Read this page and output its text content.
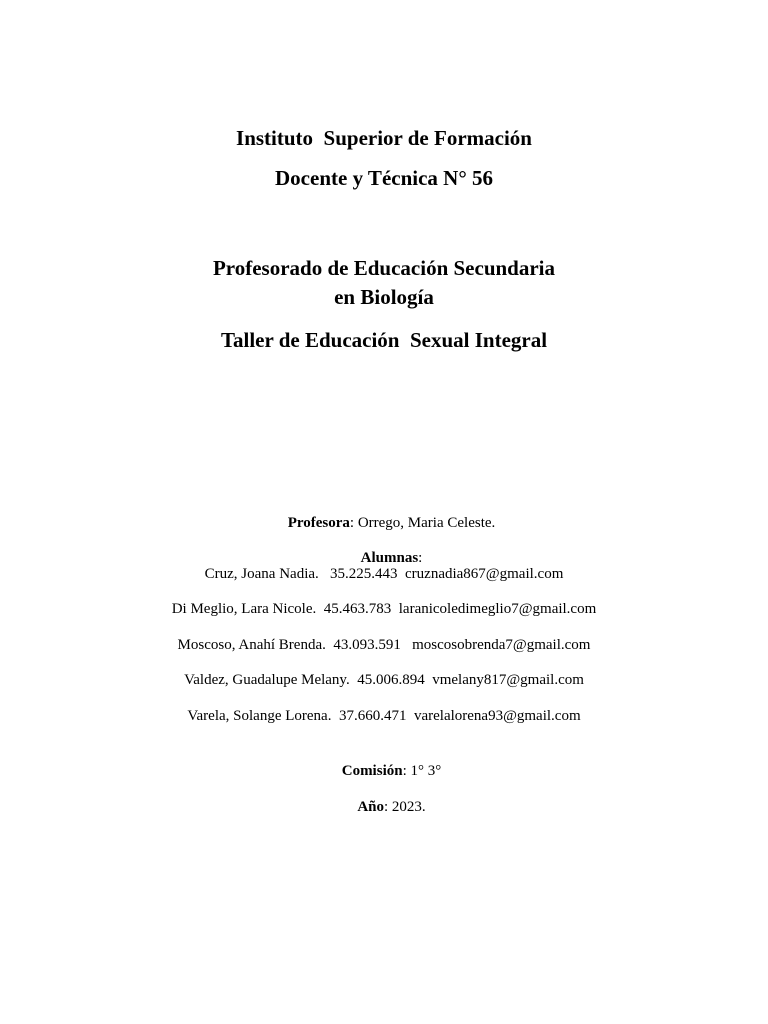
Instituto  Superior de Formación
Docente y Técnica N° 56
Profesorado de Educación Secundaria
en Biología
Taller de Educación  Sexual Integral

Profesora: Orrego, Maria Celeste.

Alumnas:

Cruz, Joana Nadia.   35.225.443  cruznadia867@gmail.com
Di Meglio, Lara Nicole.  45.463.783  laranicoledimeglio7@gmail.com
Moscoso, Anahí Brenda.  43.093.591   moscosobrenda7@gmail.com
Valdez, Guadalupe Melany.  45.006.894  vmelany817@gmail.com
Varela, Solange Lorena.  37.660.471  varelalorena93@gmail.com

Comisión: 1° 3°

Año: 2023.
